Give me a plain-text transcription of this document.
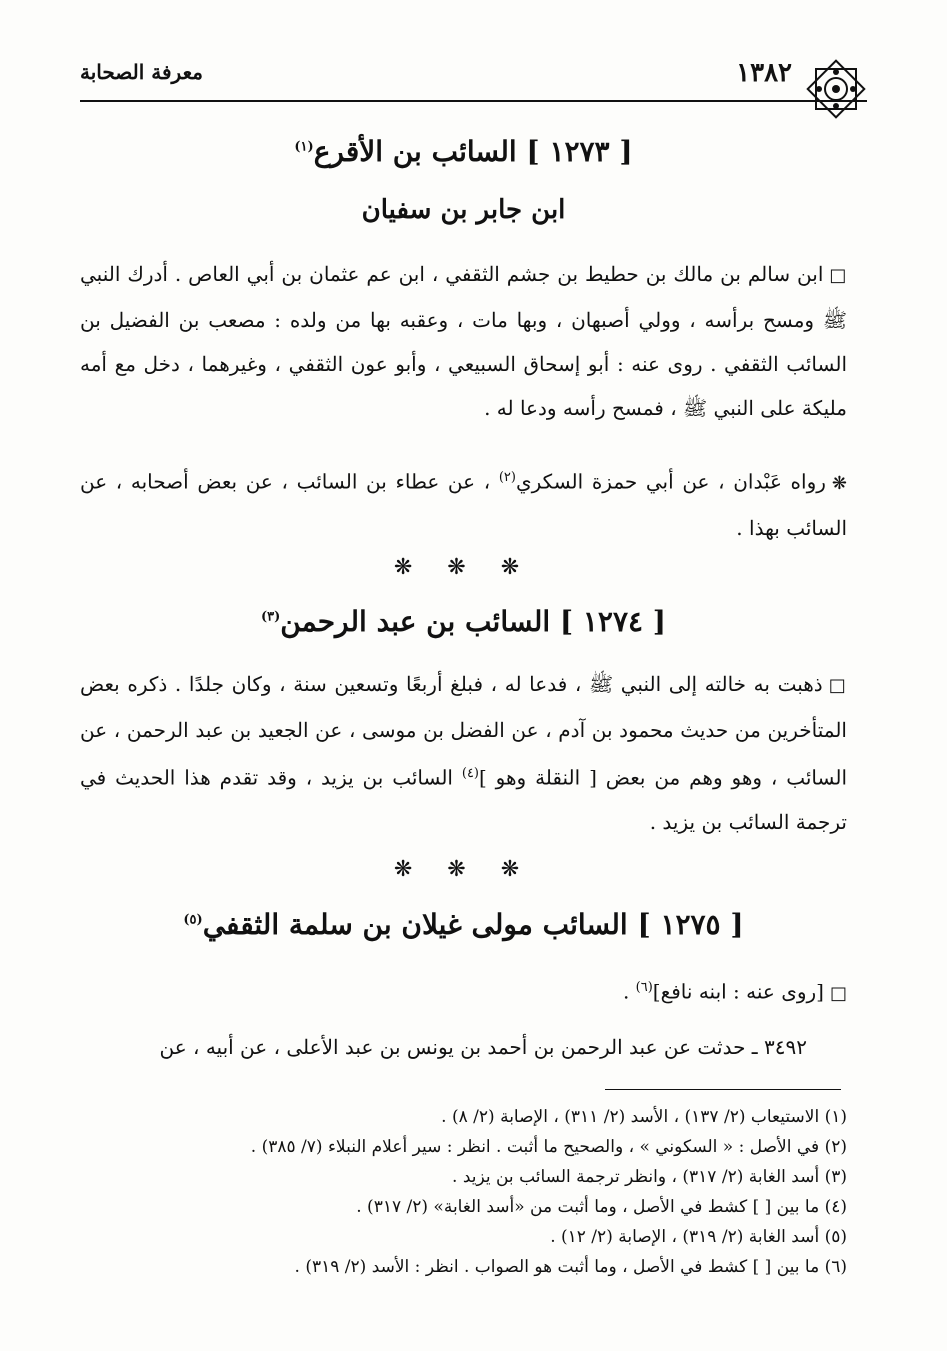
معرفة الصحابة	١٣٨٢
[ ١٢٧٣ ] السائب بن الأقرع$^{(١)}$
ابن جابر بن سفيان
□ابن سالم بن مالك بن حطيط بن جشم الثقفي ، ابن عم عثمان بن أبي العاص . أدرك النبي ﷺ ومسح برأسه ، وولي أصبهان ، وبها مات ، وعقبه بها من ولده : مصعب بن الفضيل بن السائب الثقفي . روى عنه : أبو إسحاق السبيعي ، وأبو عون الثقفي ، وغيرهما ، دخل مع أمه مليكة على النبي ﷺ ، فمسح رأسه ودعا له .
❋رواه عَبْدان ، عن أبي حمزة السكري$^{(٢)}$ ، عن عطاء بن السائب ، عن بعض أصحابه ، عن السائب بهذا .
❋ ❋ ❋
[ ١٢٧٤ ] السائب بن عبد الرحمن$^{(٣)}$
□ذهبت به خالته إلى النبي ﷺ ، فدعا له ، فبلغ أربعًا وتسعين سنة ، وكان جلدًا . ذكره بعض المتأخرين من حديث محمود بن آدم ، عن الفضل بن موسى ، عن الجعيد بن عبد الرحمن ، عن السائب ، وهو وهم من بعض [ النقلة وهو ]$^{(٤)}$ السائب بن يزيد ، وقد تقدم هذا الحديث في ترجمة السائب بن يزيد .
❋ ❋ ❋
[ ١٢٧٥ ] السائب مولى غيلان بن سلمة الثقفي$^{(٥)}$
□[روى عنه : ابنه نافع]$^{(٦)}$ .
٣٤٩٢ ـ حدثت عن عبد الرحمن بن أحمد بن يونس بن عبد الأعلى ، عن أبيه ، عن
(١) الاستيعاب (٢/ ١٣٧) ، الأسد (٢/ ٣١١) ، الإصابة (٢/ ٨) .
(٢) في الأصل : « السكوني » ، والصحيح ما أثبت . انظر : سير أعلام النبلاء (٧/ ٣٨٥) .
(٣) أسد الغابة (٢/ ٣١٧) ، وانظر ترجمة السائب بن يزيد .
(٤) ما بين [ ] كشط في الأصل ، وما أثبت من «أسد الغابة» (٢/ ٣١٧) .
(٥) أسد الغابة (٢/ ٣١٩) ، الإصابة (٢/ ١٢) .
(٦) ما بين [ ] كشط في الأصل ، وما أثبت هو الصواب . انظر : الأسد (٢/ ٣١٩) .
